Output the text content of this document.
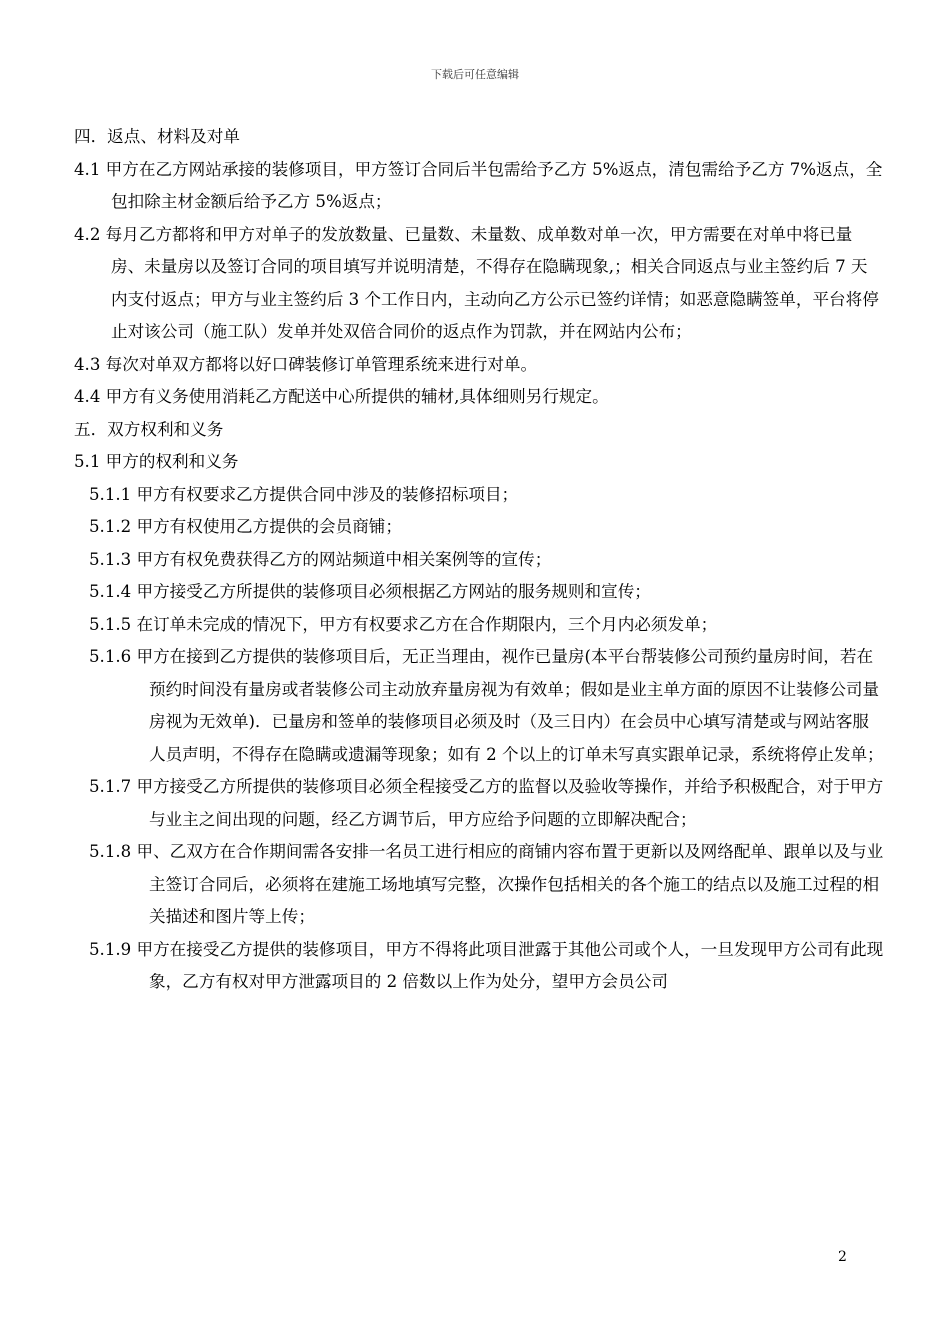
下载后可任意编辑

四．返点、材料及对单

4.1 甲方在乙方网站承接的装修项目，甲方签订合同后半包需给予乙方 5%返点，清包需给予乙方 7%返点，全包扣除主材金额后给予乙方 5%返点；

4.2 每月乙方都将和甲方对单子的发放数量、已量数、未量数、成单数对单一次，甲方需要在对单中将已量房、未量房以及签订合同的项目填写并说明清楚，不得存在隐瞒现象,；相关合同返点与业主签约后 7 天内支付返点；甲方与业主签约后 3 个工作日内，主动向乙方公示已签约详情；如恶意隐瞒签单，平台将停止对该公司（施工队）发单并处双倍合同价的返点作为罚款，并在网站内公布；

4.3 每次对单双方都将以好口碑装修订单管理系统来进行对单。

4.4 甲方有义务使用消耗乙方配送中心所提供的辅材,具体细则另行规定。

五．双方权利和义务

5.1 甲方的权利和义务

5.1.1 甲方有权要求乙方提供合同中涉及的装修招标项目；

5.1.2 甲方有权使用乙方提供的会员商铺；

5.1.3 甲方有权免费获得乙方的网站频道中相关案例等的宣传；

5.1.4 甲方接受乙方所提供的装修项目必须根据乙方网站的服务规则和宣传；

5.1.5 在订单未完成的情况下，甲方有权要求乙方在合作期限内，三个月内必须发单；

5.1.6 甲方在接到乙方提供的装修项目后，无正当理由，视作已量房(本平台帮装修公司预约量房时间，若在预约时间没有量房或者装修公司主动放弃量房视为有效单；假如是业主单方面的原因不让装修公司量房视为无效单)．已量房和签单的装修项目必须及时（及三日内）在会员中心填写清楚或与网站客服人员声明，不得存在隐瞒或遗漏等现象；如有 2 个以上的订单未写真实跟单记录，系统将停止发单；

5.1.7 甲方接受乙方所提供的装修项目必须全程接受乙方的监督以及验收等操作，并给予积极配合，对于甲方与业主之间出现的问题，经乙方调节后，甲方应给予问题的立即解决配合；

5.1.8 甲、乙双方在合作期间需各安排一名员工进行相应的商铺内容布置于更新以及网络配单、跟单以及与业主签订合同后，必须将在建施工场地填写完整，次操作包括相关的各个施工的结点以及施工过程的相关描述和图片等上传；

5.1.9 甲方在接受乙方提供的装修项目，甲方不得将此项目泄露于其他公司或个人，一旦发现甲方公司有此现象，乙方有权对甲方泄露项目的 2 倍数以上作为处分，望甲方会员公司

2
